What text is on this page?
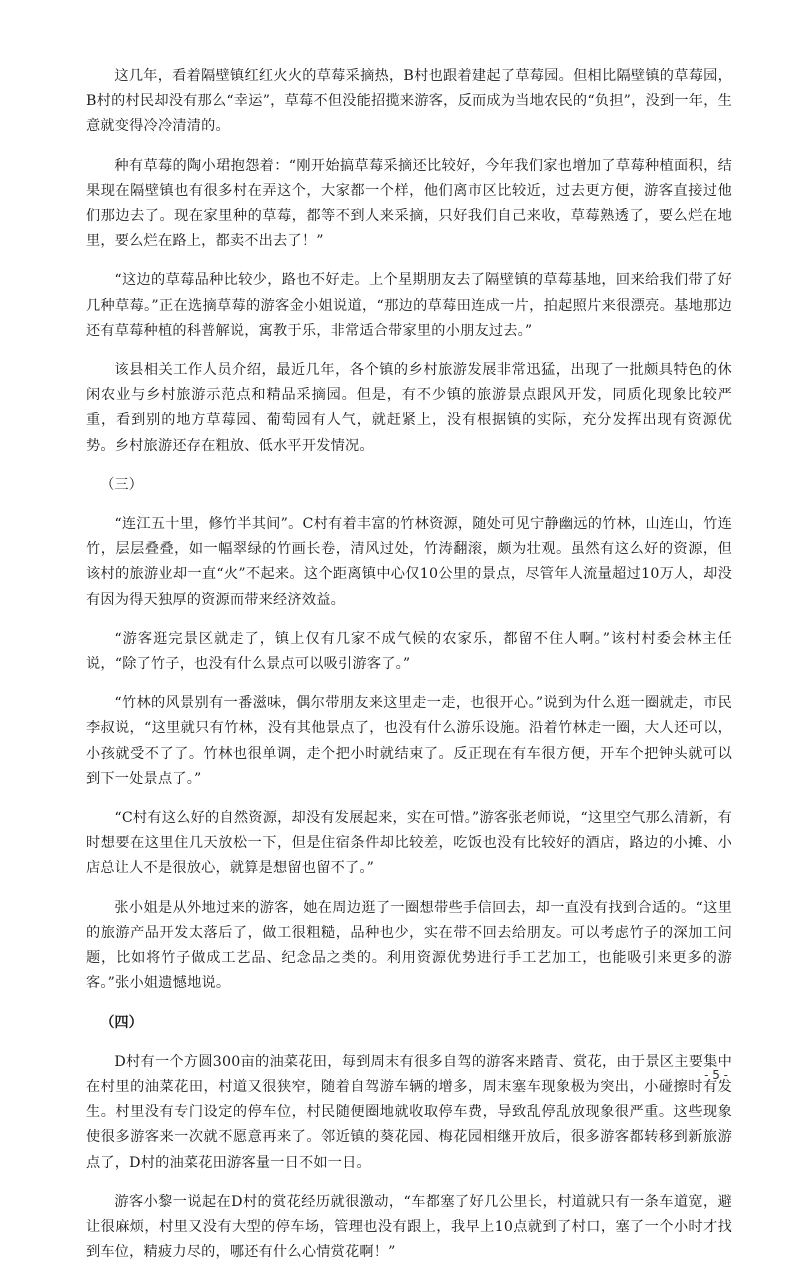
这几年，看着隔壁镇红红火火的草莓采摘热，B村也跟着建起了草莓园。但相比隔壁镇的草莓园，B村的村民却没有那么“幸运”，草莓不但没能招揽来游客，反而成为当地农民的“负担”，没到一年，生意就变得冷冷清清的。

种有草莓的陶小珺抱怨着：“刚开始搞草莓采摘还比较好，今年我们家也增加了草莓种植面积，结果现在隔壁镇也有很多村在弄这个，大家都一个样，他们离市区比较近，过去更方便，游客直接过他们那边去了。现在家里种的草莓，都等不到人来采摘，只好我们自己来收，草莓熟透了，要么烂在地里，要么烂在路上，都卖不出去了！”

“这边的草莓品种比较少，路也不好走。上个星期朋友去了隔壁镇的草莓基地，回来给我们带了好几种草莓。”正在选摘草莓的游客金小姐说道，“那边的草莓田连成一片，拍起照片来很漂亮。基地那边还有草莓种植的科普解说，寓教于乐，非常适合带家里的小朋友过去。”

该县相关工作人员介绍，最近几年，各个镇的乡村旅游发展非常迅猛，出现了一批颇具特色的休闲农业与乡村旅游示范点和精品采摘园。但是，有不少镇的旅游景点跟风开发，同质化现象比较严重，看到别的地方草莓园、葡萄园有人气，就赶紧上，没有根据镇的实际，充分发挥出现有资源优势。乡村旅游还存在粗放、低水平开发情况。

（三）

“连江五十里，修竹半其间”。C村有着丰富的竹林资源，随处可见宁静幽远的竹林，山连山，竹连竹，层层叠叠，如一幅翠绿的竹画长卷，清风过处，竹涛翻滚，颇为壮观。虽然有这么好的资源，但该村的旅游业却一直“火”不起来。这个距离镇中心仅10公里的景点，尽管年人流量超过10万人，却没有因为得天独厚的资源而带来经济效益。

“游客逛完景区就走了，镇上仅有几家不成气候的农家乐，都留不住人啊。”该村村委会林主任说，“除了竹子，也没有什么景点可以吸引游客了。”

“竹林的风景别有一番滋味，偶尔带朋友来这里走一走，也很开心。”说到为什么逛一圈就走，市民李叔说，“这里就只有竹林，没有其他景点了，也没有什么游乐设施。沿着竹林走一圈，大人还可以，小孩就受不了了。竹林也很单调，走个把小时就结束了。反正现在有车很方便，开车个把钟头就可以到下一处景点了。”

“C村有这么好的自然资源，却没有发展起来，实在可惜。”游客张老师说，“这里空气那么清新，有时想要在这里住几天放松一下，但是住宿条件却比较差，吃饭也没有比较好的酒店，路边的小摊、小店总让人不是很放心，就算是想留也留不了。”

张小姐是从外地过来的游客，她在周边逛了一圈想带些手信回去，却一直没有找到合适的。“这里的旅游产品开发太落后了，做工很粗糙，品种也少，实在带不回去给朋友。可以考虑竹子的深加工问题，比如将竹子做成工艺品、纪念品之类的。利用资源优势进行手工艺加工，也能吸引来更多的游客。”张小姐遗憾地说。

（四）

D村有一个方圆300亩的油菜花田，每到周末有很多自驾的游客来踏青、赏花，由于景区主要集中在村里的油菜花田，村道又很狭窄，随着自驾游车辆的增多，周末塞车现象极为突出，小碰擦时有发生。村里没有专门设定的停车位，村民随便圈地就收取停车费，导致乱停乱放现象很严重。这些现象使很多游客来一次就不愿意再来了。邻近镇的葵花园、梅花园相继开放后，很多游客都转移到新旅游点了，D村的油菜花田游客量一日不如一日。

游客小黎一说起在D村的赏花经历就很激动，“车都塞了好几公里长，村道就只有一条车道宽，避让很麻烦，村里又没有大型的停车场，管理也没有跟上，我早上10点就到了村口，塞了一个小时才找到车位，精疲力尽的，哪还有什么心情赏花啊！”

- 5 -
